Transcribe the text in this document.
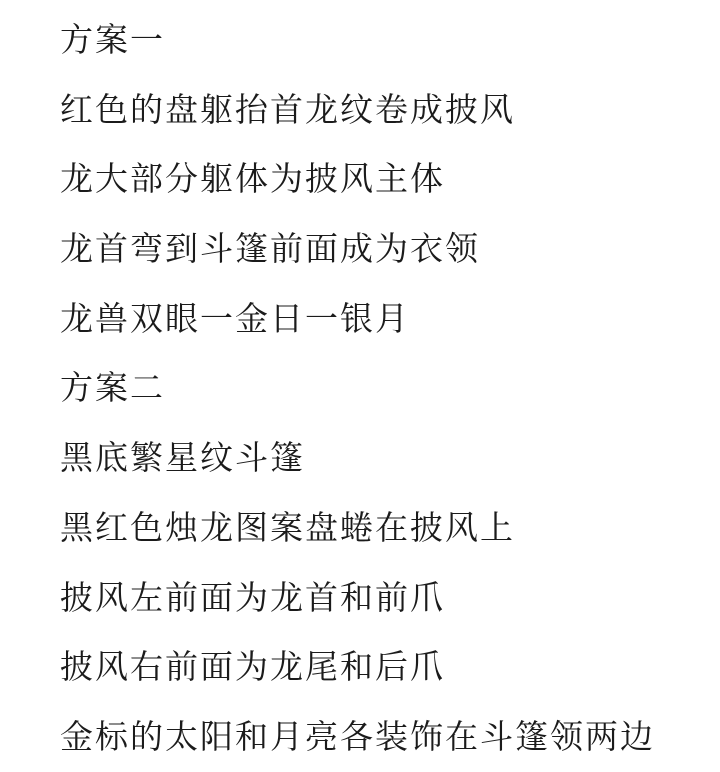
方案一
红色的盘躯抬首龙纹卷成披风
龙大部分躯体为披风主体
龙首弯到斗篷前面成为衣领
龙兽双眼一金日一银月
方案二
黑底繁星纹斗篷
黑红色烛龙图案盘蜷在披风上
披风左前面为龙首和前爪
披风右前面为龙尾和后爪
金标的太阳和月亮各装饰在斗篷领两边
